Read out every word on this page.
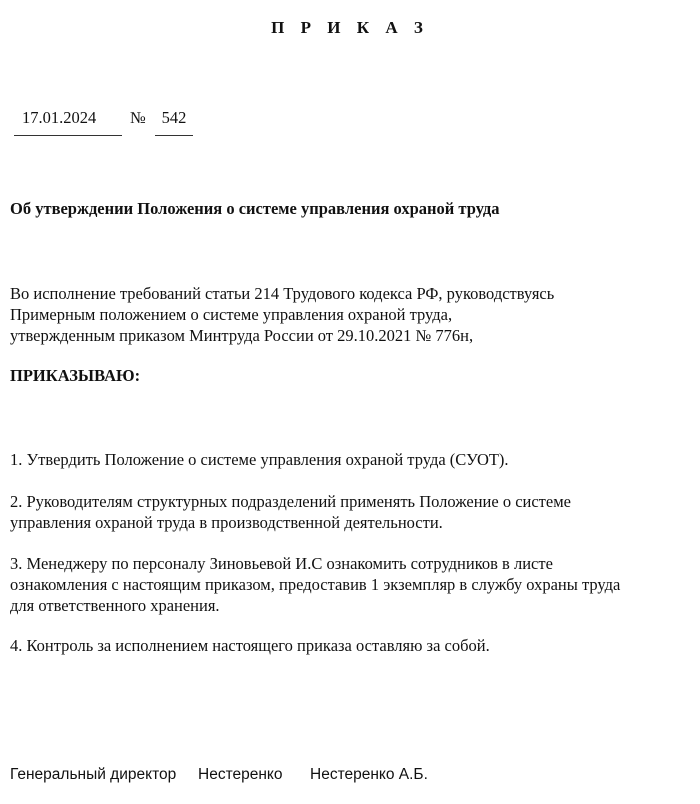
П Р И К А З
17.01.2024	№ 542
Об утверждении Положения о системе управления охраной труда
Во исполнение требований статьи 214 Трудового кодекса РФ, руководствуясь
Примерным положением о системе управления охраной труда,
утвержденным приказом Минтруда России от 29.10.2021 № 776н,
ПРИКАЗЫВАЮ:
1. Утвердить Положение о системе управления охраной труда (СУОТ).
2. Руководителям структурных подразделений применять Положение о системе
управления охраной труда в производственной деятельности.
3. Менеджеру по персоналу Зиновьевой И.С ознакомить сотрудников в листе
ознакомления с настоящим приказом, предоставив 1 экземпляр в службу охраны труда
для ответственного хранения.
4. Контроль за исполнением настоящего приказа оставляю за собой.
Генеральный директор Нестеренко Нестеренко А.Б.
